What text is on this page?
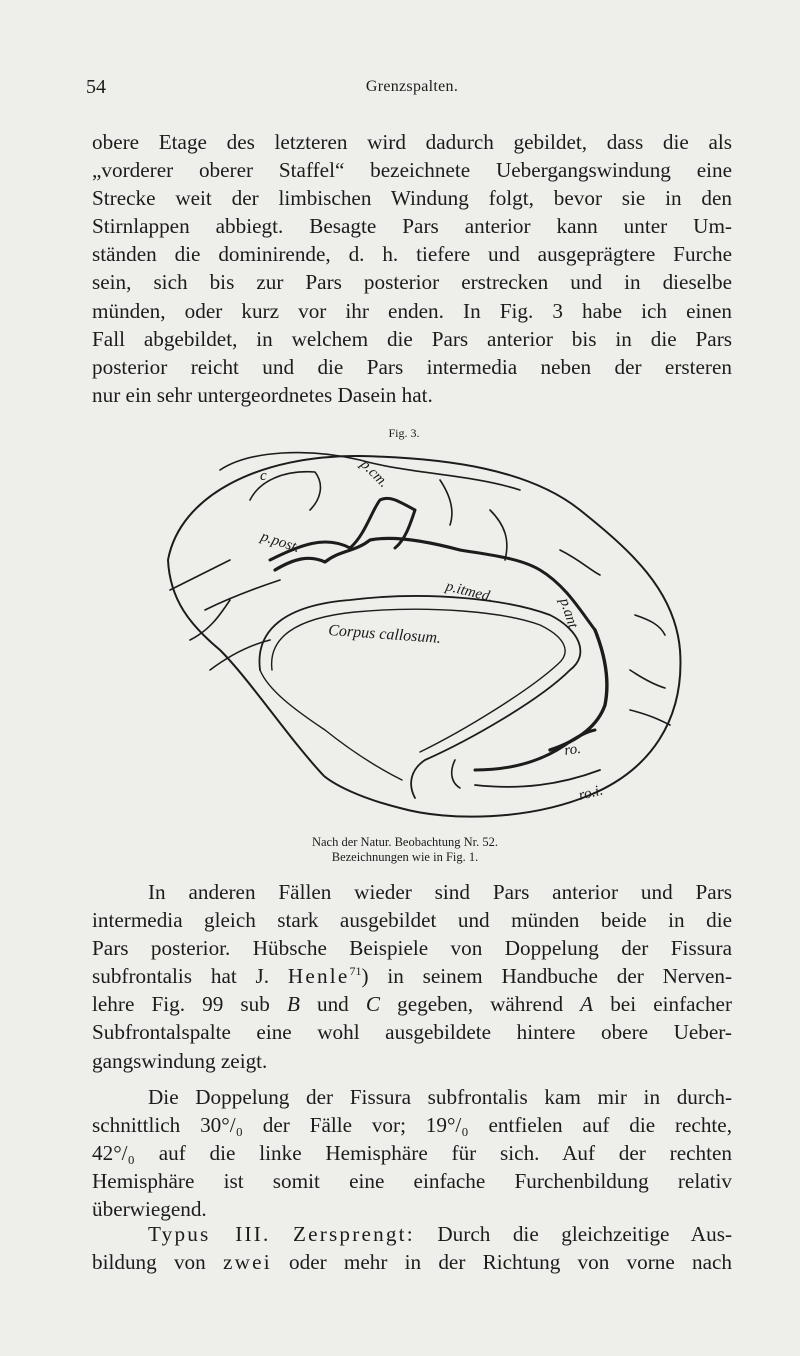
54	Grenzspalten.

obere Etage des letzteren wird dadurch gebildet, dass die als
„vorderer oberer Staffel“ bezeichnete Uebergangswindung eine
Strecke weit der limbischen Windung folgt, bevor sie in den
Stirnlappen abbiegt. Besagte Pars anterior kann unter Um-
ständen die dominirende, d. h. tiefere und ausgeprägtere Furche
sein, sich bis zur Pars posterior erstrecken und in dieselbe
münden, oder kurz vor ihr enden. In Fig. 3 habe ich einen
Fall abgebildet, in welchem die Pars anterior bis in die Pars
posterior reicht und die Pars intermedia neben der ersteren
nur ein sehr untergeordnetes Dasein hat.

Fig. 3.
c	p.cm.
p.post.
p.itmed.
p.ant.
Corpus callosum.
ro.
ro.i.
Nach der Natur. Beobachtung Nr. 52.
Bezeichnungen wie in Fig. 1.

In anderen Fällen wieder sind Pars anterior und Pars
intermedia gleich stark ausgebildet und münden beide in die
Pars posterior. Hübsche Beispiele von Doppelung der Fissura
subfrontalis hat J. Henle$^{71}$) in seinem Handbuche der Nerven-
lehre Fig. 99 sub B und C gegeben, während A bei einfacher
Subfrontalspalte eine wohl ausgebildete hintere obere Ueber-
gangswindung zeigt.

Die Doppelung der Fissura subfrontalis kam mir in durch-
schnittlich 30°/₀ der Fälle vor; 19°/₀ entfielen auf die rechte,
42°/₀ auf die linke Hemisphäre für sich. Auf der rechten
Hemisphäre ist somit eine einfache Furchenbildung relativ
überwiegend.

Typus III. Zersprengt: Durch die gleichzeitige Aus-
bildung von zwei oder mehr in der Richtung von vorne nach
